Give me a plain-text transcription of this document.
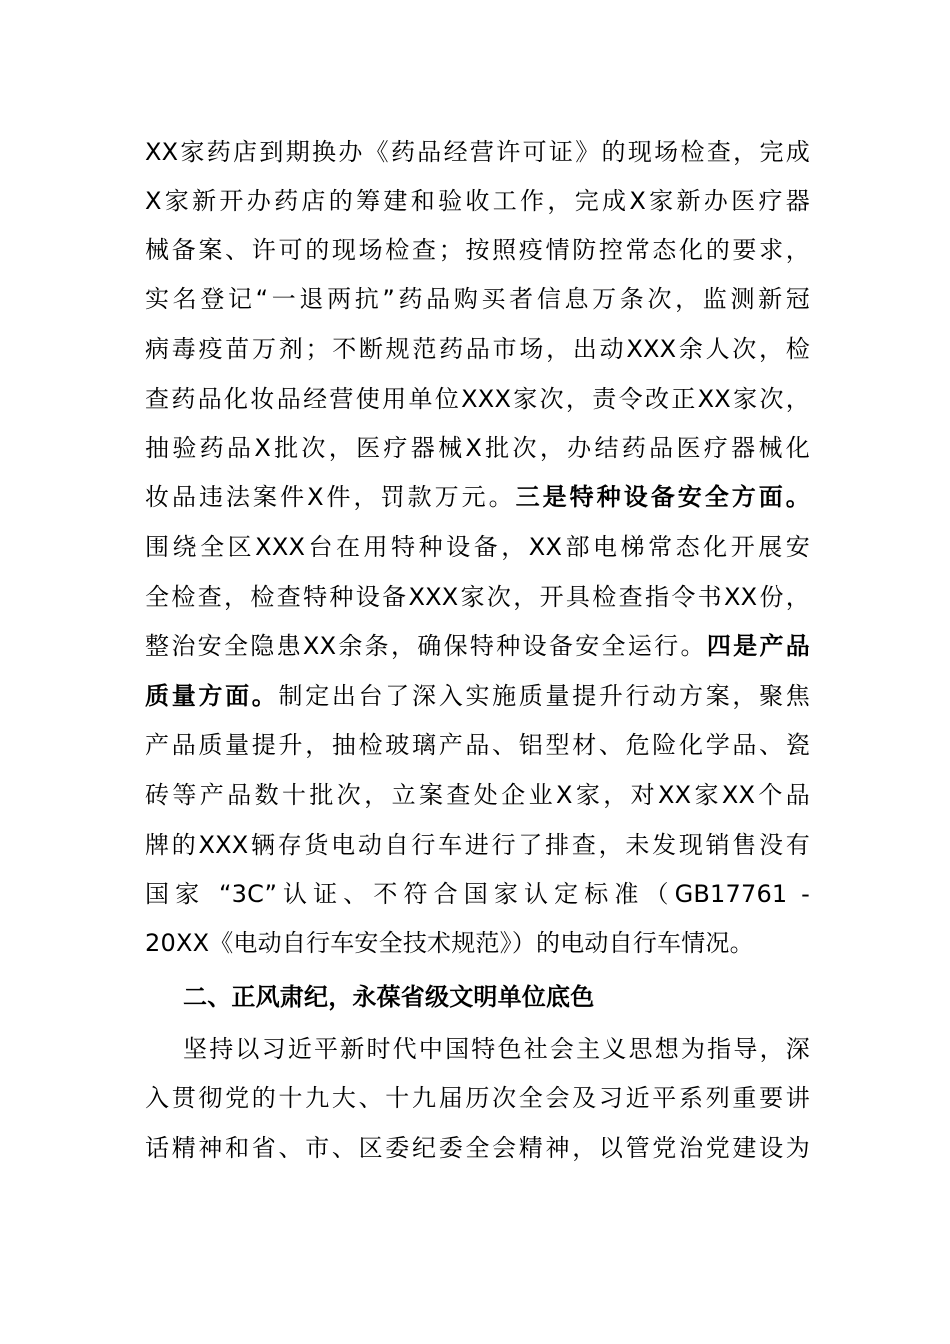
XX家药店到期换办《药品经营许可证》的现场检查，完成
X家新开办药店的筹建和验收工作，完成X家新办医疗器
械备案、许可的现场检查；按照疫情防控常态化的要求，
实名登记“一退两抗”药品购买者信息万条次，监测新冠
病毒疫苗万剂；不断规范药品市场，出动XXX余人次，检
查药品化妆品经营使用单位XXX家次，责令改正XX家次，
抽验药品X批次，医疗器械X批次，办结药品医疗器械化
妆品违法案件X件，罚款万元。三是特种设备安全方面。
围绕全区XXX台在用特种设备，XX部电梯常态化开展安
全检查，检查特种设备XXX家次，开具检查指令书XX份，
整治安全隐患XX余条，确保特种设备安全运行。四是产品
质量方面。制定出台了深入实施质量提升行动方案，聚焦
产品质量提升，抽检玻璃产品、铝型材、危险化学品、瓷
砖等产品数十批次，立案查处企业X家，对XX家XX个品
牌的XXX辆存货电动自行车进行了排查，未发现销售没有
国家 “3C”认证、不符合国家认定标准（GB17761 -
20XX《电动自行车安全技术规范》）的电动自行车情况。
二、正风肃纪，永葆省级文明单位底色
坚持以习近平新时代中国特色社会主义思想为指导，深
入贯彻党的十九大、十九届历次全会及习近平系列重要讲
话精神和省、市、区委纪委全会精神，以管党治党建设为
